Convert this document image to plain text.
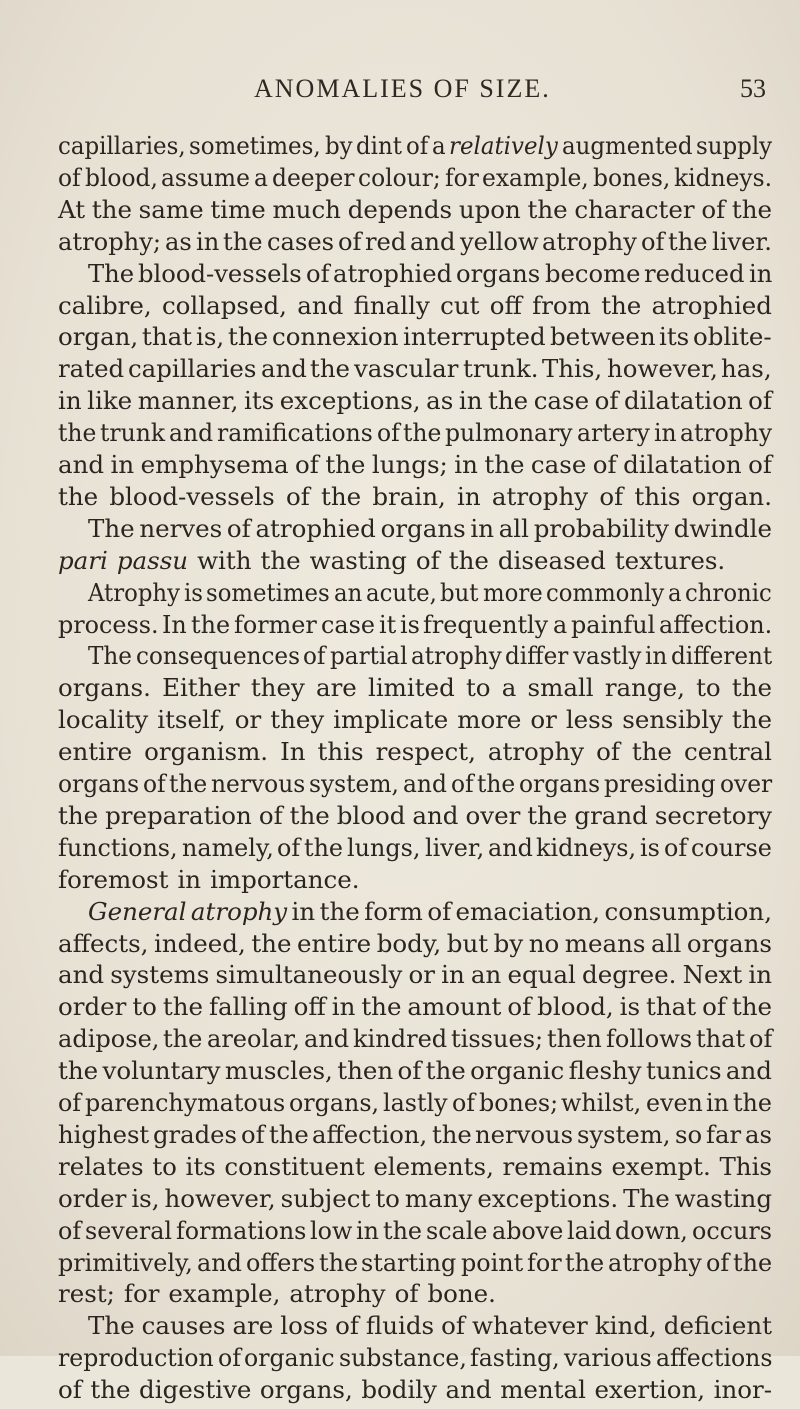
ANOMALIES OF SIZE.	53
capillaries, sometimes, by dint of a relatively augmented supply
of blood, assume a deeper colour; for example, bones, kidneys.
At the same time much depends upon the character of the
atrophy; as in the cases of red and yellow atrophy of the liver.
The blood-vessels of atrophied organs become reduced in
calibre, collapsed, and finally cut off from the atrophied
organ, that is, the connexion interrupted between its oblite-
rated capillaries and the vascular trunk. This, however, has,
in like manner, its exceptions, as in the case of dilatation of
the trunk and ramifications of the pulmonary artery in atrophy
and in emphysema of the lungs; in the case of dilatation of
the blood-vessels of the brain, in atrophy of this organ.
The nerves of atrophied organs in all probability dwindle
pari passu with the wasting of the diseased textures.
Atrophy is sometimes an acute, but more commonly a chronic
process. In the former case it is frequently a painful affection.
The consequences of partial atrophy differ vastly in different
organs. Either they are limited to a small range, to the
locality itself, or they implicate more or less sensibly the
entire organism. In this respect, atrophy of the central
organs of the nervous system, and of the organs presiding over
the preparation of the blood and over the grand secretory
functions, namely, of the lungs, liver, and kidneys, is of course
foremost in importance.
General atrophy in the form of emaciation, consumption,
affects, indeed, the entire body, but by no means all organs
and systems simultaneously or in an equal degree. Next in
order to the falling off in the amount of blood, is that of the
adipose, the areolar, and kindred tissues; then follows that of
the voluntary muscles, then of the organic fleshy tunics and
of parenchymatous organs, lastly of bones; whilst, even in the
highest grades of the affection, the nervous system, so far as
relates to its constituent elements, remains exempt. This
order is, however, subject to many exceptions. The wasting
of several formations low in the scale above laid down, occurs
primitively, and offers the starting point for the atrophy of the
rest; for example, atrophy of bone.
The causes are loss of fluids of whatever kind, deficient
reproduction of organic substance, fasting, various affections
of the digestive organs, bodily and mental exertion, inor-
